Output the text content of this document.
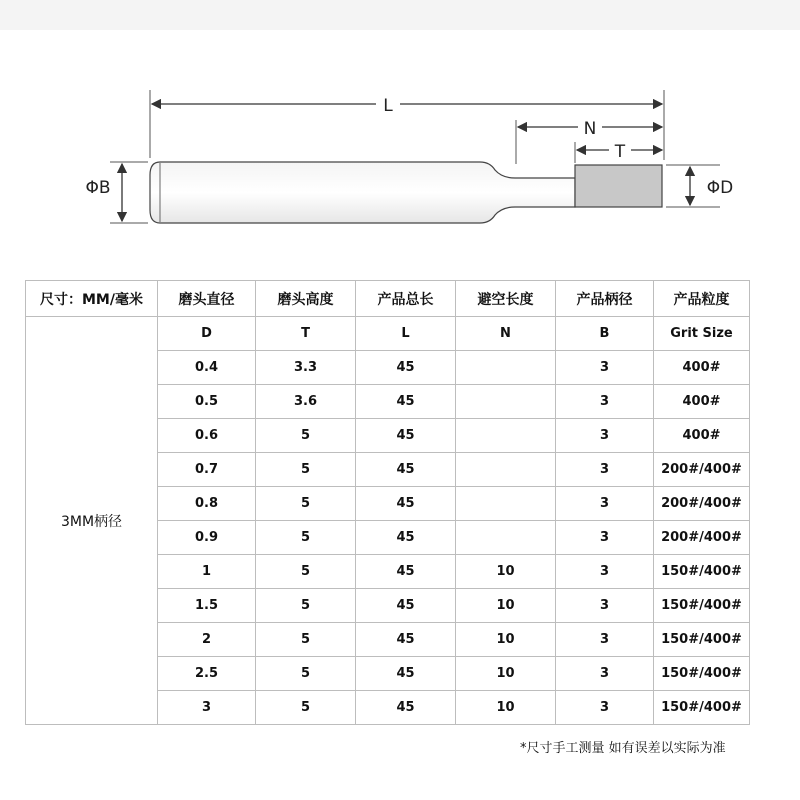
L
N
T
ΦB	ΦD
尺寸：MM/毫米	磨头直径	磨头高度	产品总长	避空长度	产品柄径	产品粒度
3MM柄径	D	T	L	N	B	Grit Size
	0.4	3.3	45		3	400#
	0.5	3.6	45		3	400#
	0.6	5	45		3	400#
	0.7	5	45		3	200#/400#
	0.8	5	45		3	200#/400#
	0.9	5	45		3	200#/400#
	1	5	45	10	3	150#/400#
	1.5	5	45	10	3	150#/400#
	2	5	45	10	3	150#/400#
	2.5	5	45	10	3	150#/400#
	3	5	45	10	3	150#/400#
*尺寸手工测量 如有误差以实际为准
